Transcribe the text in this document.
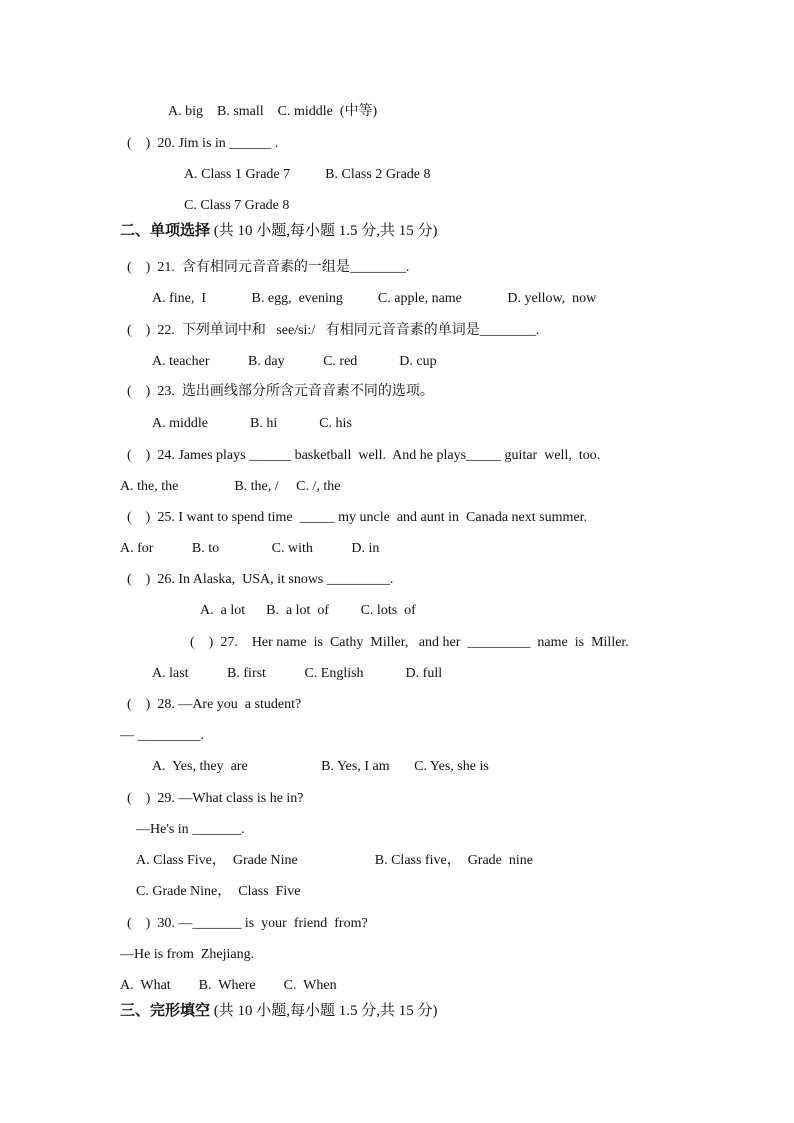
A. big    B. small    C. middle  (中等)
(    )  20. Jim is in ______ .
A. Class 1 Grade 7          B. Class 2 Grade 8
C. Class 7 Grade 8
二、单项选择 (共 10 小题,每小题 1.5 分,共 15 分)
(    )  21.  含有相同元音音素的一组是________.
A. fine,  I             B. egg,  evening          C. apple, name             D. yellow,  now
(    )  22.  下列单词中和   see/si:/   有相同元音音素的单词是________.
A. teacher           B. day           C. red            D. cup
(    )  23.  选出画线部分所含元音音素不同的选项。
A. middle            B. hi            C. his
(    )  24. James plays ______ basketball  well.  And he plays_____ guitar  well,  too.
A. the, the                B. the, /     C. /, the
(    )  25. I want to spend time  _____ my uncle  and aunt in  Canada next summer.
A. for           B. to               C. with           D. in
(    )  26. In Alaska,  USA, it snows _________.
A.  a lot      B.  a lot  of         C. lots  of
(    )  27.    Her name  is  Cathy  Miller,   and her  _________  name  is  Miller.
A. last           B. first           C. English            D. full
(    )  28. —Are you  a student?
— _________.
A.  Yes, they  are                     B. Yes, I am       C. Yes, she is
(    )  29. —What class is he in?
—He's in _______.
A. Class Five，  Grade Nine                      B. Class five，  Grade  nine
C. Grade Nine，  Class  Five
(    )  30. —_______ is  your  friend  from?
—He is from  Zhejiang.
A.  What        B.  Where        C.  When
三、完形填空 (共 10 小题,每小题 1.5 分,共 15 分)
